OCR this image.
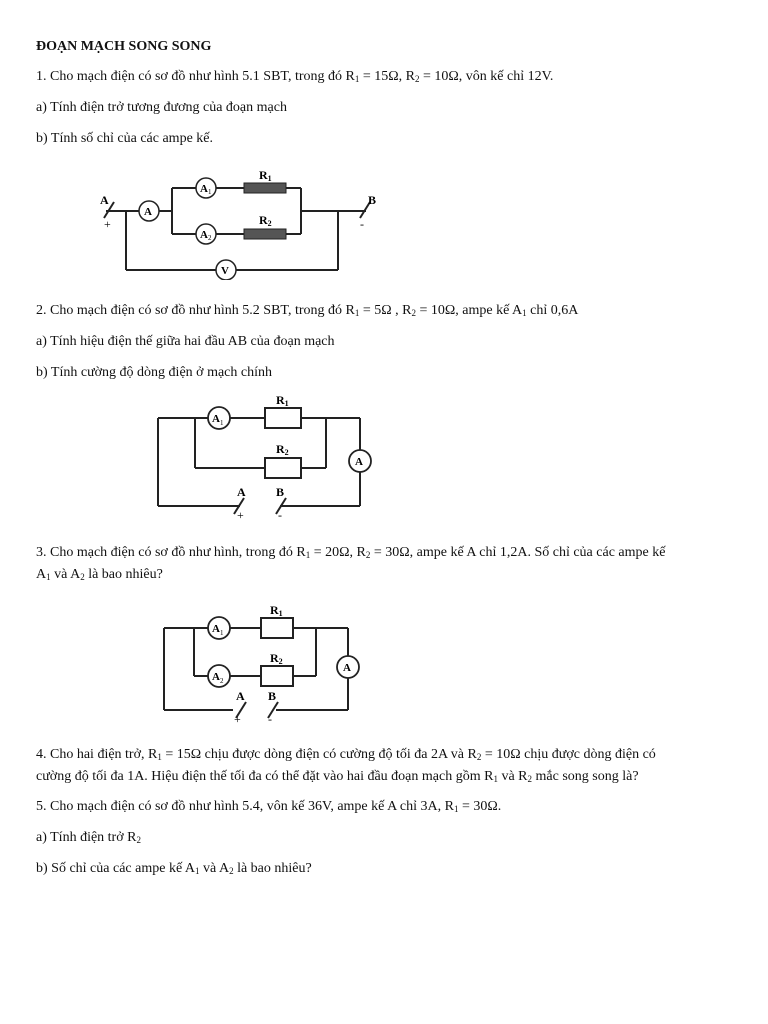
ĐOẠN MẠCH SONG SONG
1. Cho mạch điện có sơ đồ như hình 5.1 SBT, trong đó $R_1 = 15\Omega$, $R_2 = 10\Omega$, vôn kế chỉ 12V.
a) Tính điện trở tương đương của đoạn mạch
b) Tính số chỉ của các ampe kế.
A 1
A 2
A
V
R1
R2
A	B
+	-
2. Cho mạch điện có sơ đồ như hình 5.2 SBT, trong đó $R_1 = 5\Omega$ , $R_2 = 10\Omega$, ampe kế $A_1$ chỉ 0,6A
a) Tính hiệu điện thế giữa hai đầu AB của đoạn mạch
b) Tính cường độ dòng điện ở mạch chính
A 1
A
R1
R2
A	B
+	-
3. Cho mạch điện có sơ đồ như hình, trong đó $R_1 = 20\Omega$, $R_2 = 30\Omega$, ampe kế A chỉ 1,2A. Số chỉ của các ampe kế
$A_1$ và $A_2$ là bao nhiêu?
A 1
A 2
A
R1
R2
A B
+ -
4. Cho hai điện trở, $R_1 = 15\Omega$ chịu được dòng điện có cường độ tối đa 2A và $R_2 = 10\Omega$ chịu được dòng điện có
cường độ tối đa 1A. Hiệu điện thế tối đa có thể đặt vào hai đầu đoạn mạch gồm $R_1$ và $R_2$ mắc song song là?
5. Cho mạch điện có sơ đồ như hình 5.4, vôn kế 36V, ampe kế A chỉ 3A, $R_1 = 30\Omega$.
a) Tính điện trở $R_2$
b) Số chỉ của các ampe kế $A_1$ và $A_2$ là bao nhiêu?
